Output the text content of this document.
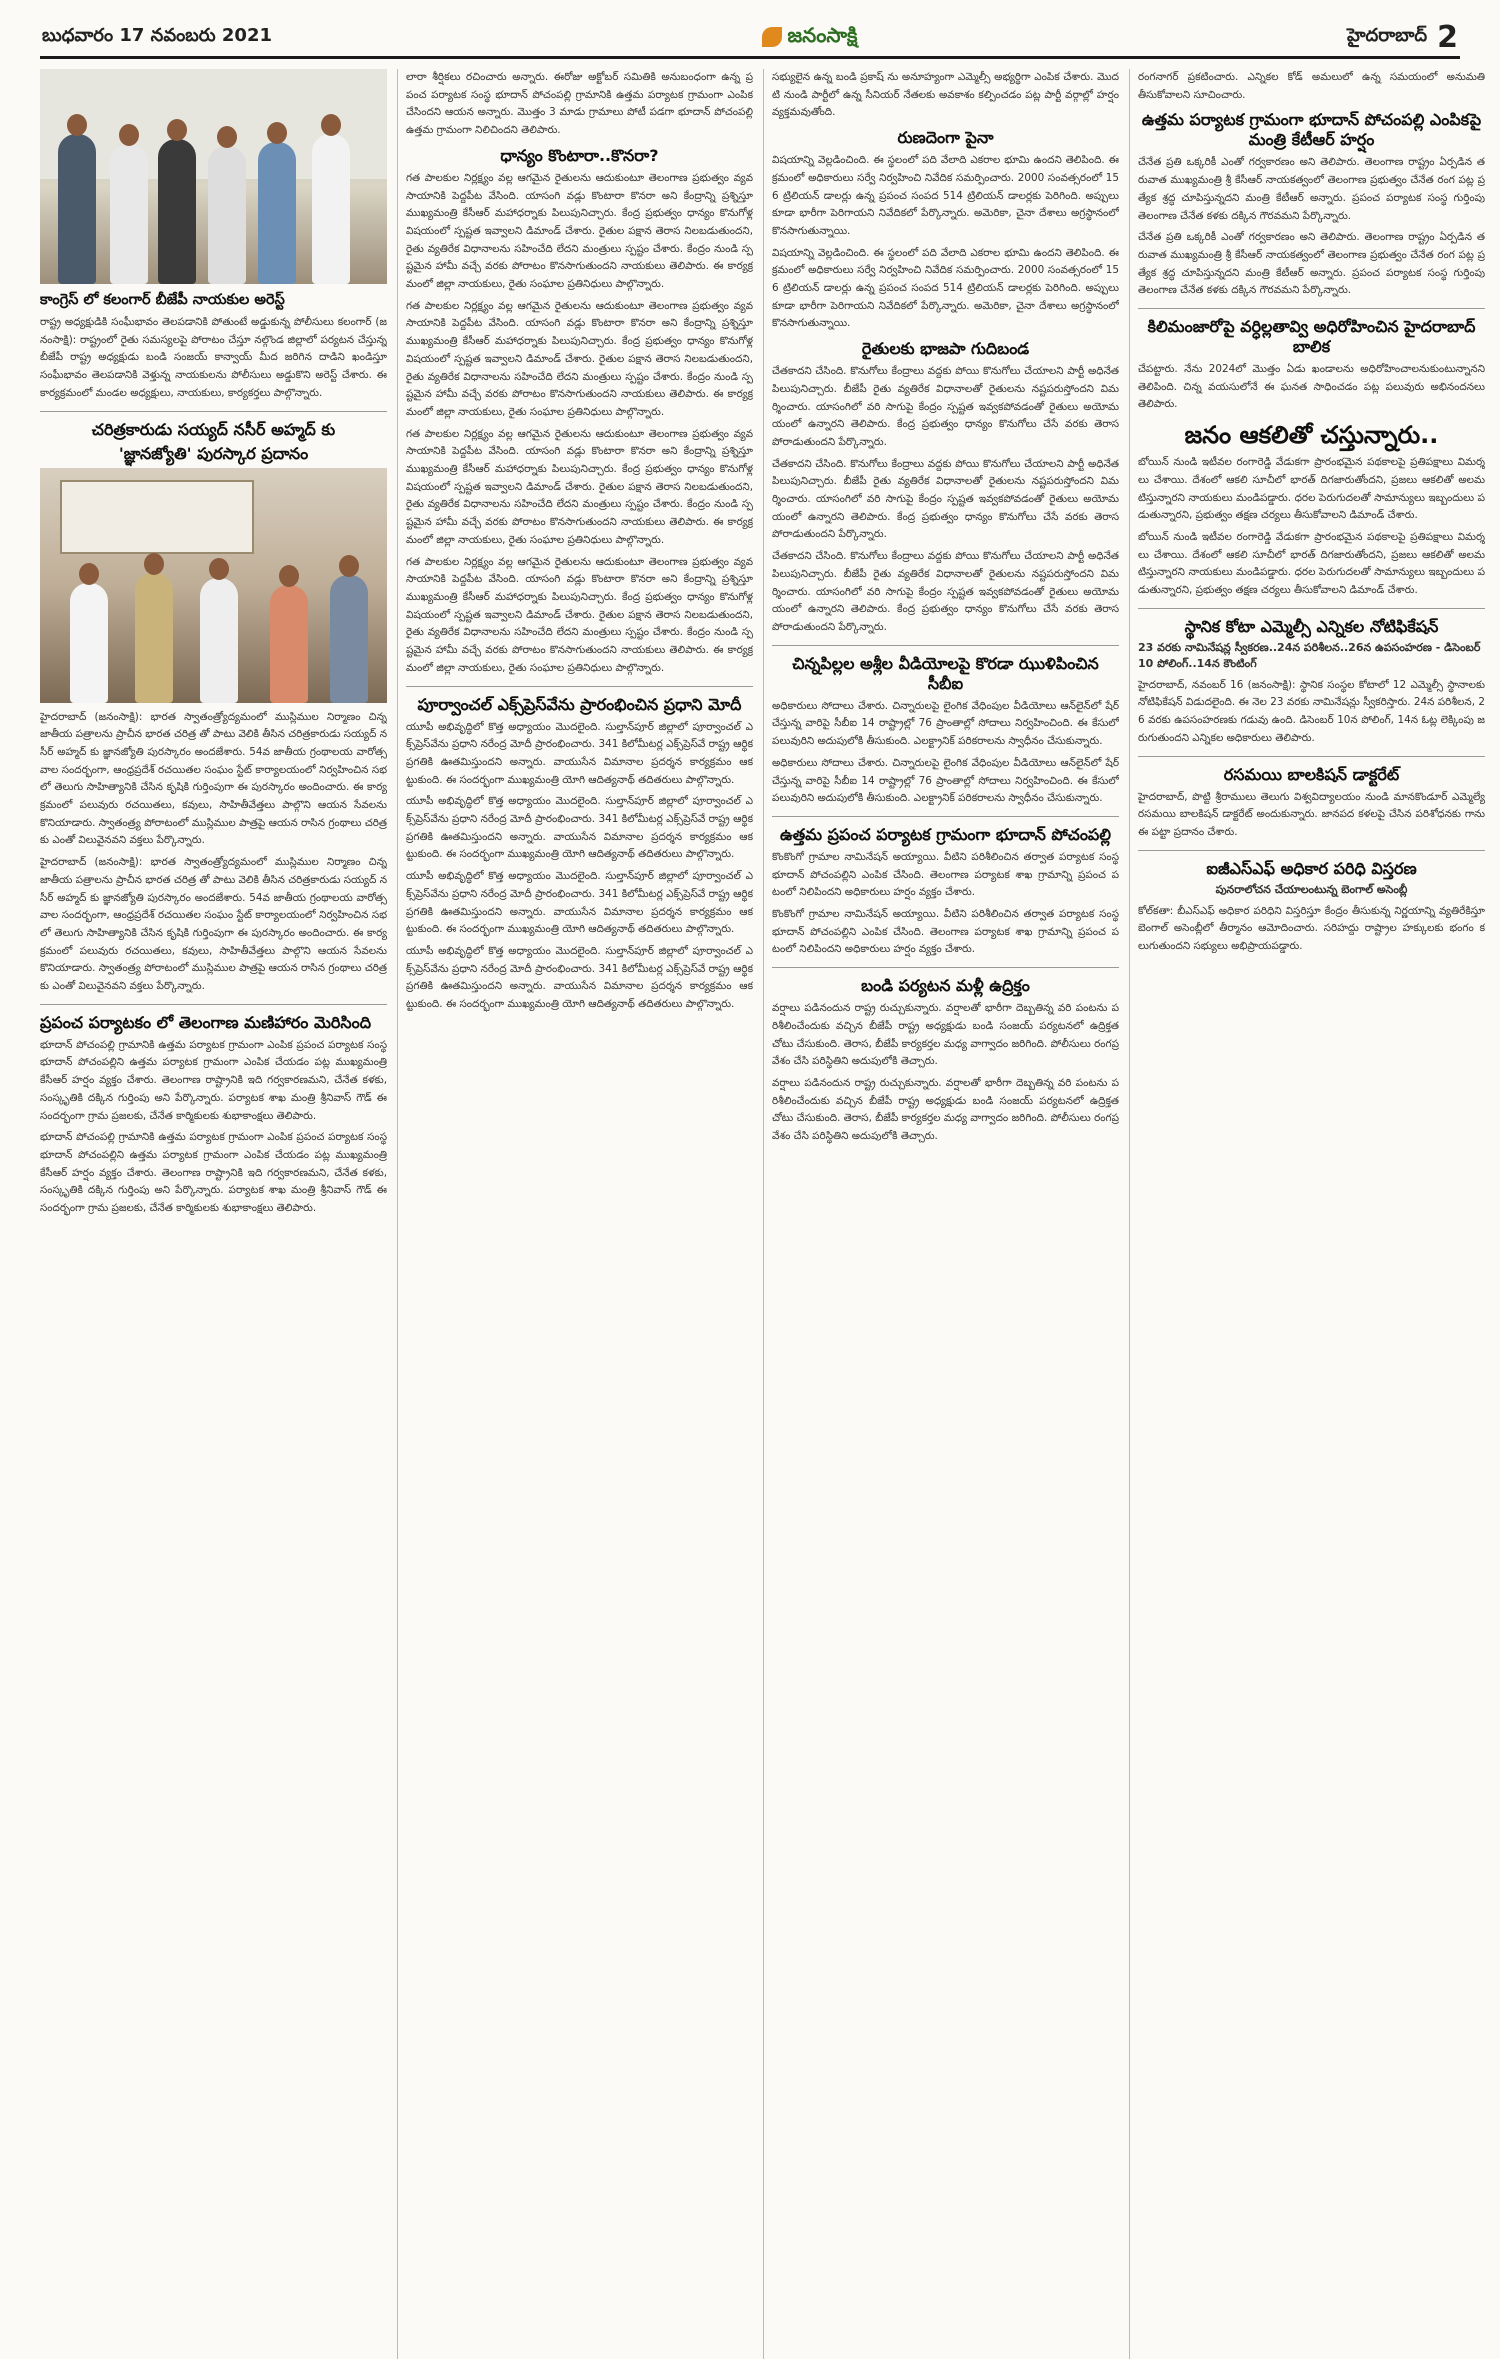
బుధవారం 17 నవంబరు 2021	జనంసాక్షి	హైదరాబాద్ 2
కాంగ్రెస్ లో కలంగార్ బీజేపీ నాయకుల అరెస్ట్
రాష్ట్ర అధ్యక్షుడికి సంఘీభావం తెలపడానికి పోతుంటే అడ్డుకున్న పోలీసులు కలంగార్ (జనంసాక్షి): రాష్ట్రంలో రైతు సమస్యలపై పోరాటం చేస్తూ నల్గొండ జిల్లాలో పర్యటన చేస్తున్న బీజేపీ రాష్ట్ర అధ్యక్షుడు బండి సంజయ్ కాన్వాయ్ మీద జరిగిన దాడిని ఖండిస్తూ సంఘీభావం తెలపడానికి వెళ్తున్న నాయకులను పోలీసులు అడ్డుకొని అరెస్ట్ చేశారు. ఈ కార్యక్రమంలో మండల అధ్యక్షులు, నాయకులు, కార్యకర్తలు పాల్గొన్నారు.
చరిత్రకారుడు సయ్యద్ నసీర్ అహ్మద్ కు
'జ్ఞానజ్యోతి' పురస్కార ప్రదానం
హైదరాబాద్ (జనంసాక్షి): భారత స్వాతంత్ర్యోద్యమంలో ముస్లిముల నిర్మాణం చిన్న జాతీయ పత్రాలను ప్రాచీన భారత చరిత్ర తో పాటు వెలికి తీసిన చరిత్రకారుడు సయ్యద్ నసీర్ అహ్మద్ కు జ్ఞానజ్యోతి పురస్కారం అందజేశారు. 54వ జాతీయ గ్రంథాలయ వారోత్సవాల సందర్భంగా, ఆంధ్రప్రదేశ్ రచయితల సంఘం స్టేట్ కార్యాలయంలో నిర్వహించిన సభలో తెలుగు సాహిత్యానికి చేసిన కృషికి గుర్తింపుగా ఈ పురస్కారం అందించారు. ఈ కార్యక్రమంలో పలువురు రచయితలు, కవులు, సాహితీవేత్తలు పాల్గొని ఆయన సేవలను కొనియాడారు. స్వాతంత్ర్య పోరాటంలో ముస్లిముల పాత్రపై ఆయన రాసిన గ్రంథాలు చరిత్రకు ఎంతో విలువైనవని వక్తలు పేర్కొన్నారు.
హైదరాబాద్ (జనంసాక్షి): భారత స్వాతంత్ర్యోద్యమంలో ముస్లిముల నిర్మాణం చిన్న జాతీయ పత్రాలను ప్రాచీన భారత చరిత్ర తో పాటు వెలికి తీసిన చరిత్రకారుడు సయ్యద్ నసీర్ అహ్మద్ కు జ్ఞానజ్యోతి పురస్కారం అందజేశారు. 54వ జాతీయ గ్రంథాలయ వారోత్సవాల సందర్భంగా, ఆంధ్రప్రదేశ్ రచయితల సంఘం స్టేట్ కార్యాలయంలో నిర్వహించిన సభలో తెలుగు సాహిత్యానికి చేసిన కృషికి గుర్తింపుగా ఈ పురస్కారం అందించారు. ఈ కార్యక్రమంలో పలువురు రచయితలు, కవులు, సాహితీవేత్తలు పాల్గొని ఆయన సేవలను కొనియాడారు. స్వాతంత్ర్య పోరాటంలో ముస్లిముల పాత్రపై ఆయన రాసిన గ్రంథాలు చరిత్రకు ఎంతో విలువైనవని వక్తలు పేర్కొన్నారు.
ప్రపంచ పర్యాటకం లో తెలంగాణ మణిహారం మెరిసింది
భూదాన్ పోచంపల్లి గ్రామానికి ఉత్తమ పర్యాటక గ్రామంగా ఎంపిక ప్రపంచ పర్యాటక సంస్థ భూదాన్ పోచంపల్లిని ఉత్తమ పర్యాటక గ్రామంగా ఎంపిక చేయడం పట్ల ముఖ్యమంత్రి కేసీఆర్ హర్షం వ్యక్తం చేశారు. తెలంగాణ రాష్ట్రానికి ఇది గర్వకారణమని, చేనేత కళకు, సంస్కృతికి దక్కిన గుర్తింపు అని పేర్కొన్నారు. పర్యాటక శాఖ మంత్రి శ్రీనివాస్ గౌడ్ ఈ సందర్భంగా గ్రామ ప్రజలకు, చేనేత కార్మికులకు శుభాకాంక్షలు తెలిపారు.
భూదాన్ పోచంపల్లి గ్రామానికి ఉత్తమ పర్యాటక గ్రామంగా ఎంపిక ప్రపంచ పర్యాటక సంస్థ భూదాన్ పోచంపల్లిని ఉత్తమ పర్యాటక గ్రామంగా ఎంపిక చేయడం పట్ల ముఖ్యమంత్రి కేసీఆర్ హర్షం వ్యక్తం చేశారు. తెలంగాణ రాష్ట్రానికి ఇది గర్వకారణమని, చేనేత కళకు, సంస్కృతికి దక్కిన గుర్తింపు అని పేర్కొన్నారు. పర్యాటక శాఖ మంత్రి శ్రీనివాస్ గౌడ్ ఈ సందర్భంగా గ్రామ ప్రజలకు, చేనేత కార్మికులకు శుభాకాంక్షలు తెలిపారు.
లారా శీర్షికలు రచించారు అన్నారు. ఈరోజు అక్టోబర్ సమితికి అనుబంధంగా ఉన్న ప్రపంచ పర్యాటక సంస్థ భూదాన్ పోచంపల్లి గ్రామానికి ఉత్తమ పర్యాటక గ్రామంగా ఎంపిక చేసిందని ఆయన అన్నారు. మొత్తం 3 మాడు గ్రామాలు పోటీ పడగా భూదాన్ పోచంపల్లి ఉత్తమ గ్రామంగా నిలిచిందని తెలిపారు.
ధాన్యం కొంటారా..కొనరా?
గత పాలకుల నిర్లక్ష్యం వల్ల ఆగమైన రైతులను ఆదుకుంటూ తెలంగాణ ప్రభుత్వం వ్యవసాయానికి పెద్దపీట వేసింది. యాసంగి వడ్లు కొంటారా కొనరా అని కేంద్రాన్ని ప్రశ్నిస్తూ ముఖ్యమంత్రి కేసీఆర్ మహాధర్నాకు పిలుపునిచ్చారు. కేంద్ర ప్రభుత్వం ధాన్యం కొనుగోళ్ల విషయంలో స్పష్టత ఇవ్వాలని డిమాండ్ చేశారు. రైతుల పక్షాన తెరాస నిలబడుతుందని, రైతు వ్యతిరేక విధానాలను సహించేది లేదని మంత్రులు స్పష్టం చేశారు. కేంద్రం నుండి స్పష్టమైన హామీ వచ్చే వరకు పోరాటం కొనసాగుతుందని నాయకులు తెలిపారు. ఈ కార్యక్రమంలో జిల్లా నాయకులు, రైతు సంఘాల ప్రతినిధులు పాల్గొన్నారు.
గత పాలకుల నిర్లక్ష్యం వల్ల ఆగమైన రైతులను ఆదుకుంటూ తెలంగాణ ప్రభుత్వం వ్యవసాయానికి పెద్దపీట వేసింది. యాసంగి వడ్లు కొంటారా కొనరా అని కేంద్రాన్ని ప్రశ్నిస్తూ ముఖ్యమంత్రి కేసీఆర్ మహాధర్నాకు పిలుపునిచ్చారు. కేంద్ర ప్రభుత్వం ధాన్యం కొనుగోళ్ల విషయంలో స్పష్టత ఇవ్వాలని డిమాండ్ చేశారు. రైతుల పక్షాన తెరాస నిలబడుతుందని, రైతు వ్యతిరేక విధానాలను సహించేది లేదని మంత్రులు స్పష్టం చేశారు. కేంద్రం నుండి స్పష్టమైన హామీ వచ్చే వరకు పోరాటం కొనసాగుతుందని నాయకులు తెలిపారు. ఈ కార్యక్రమంలో జిల్లా నాయకులు, రైతు సంఘాల ప్రతినిధులు పాల్గొన్నారు.
గత పాలకుల నిర్లక్ష్యం వల్ల ఆగమైన రైతులను ఆదుకుంటూ తెలంగాణ ప్రభుత్వం వ్యవసాయానికి పెద్దపీట వేసింది. యాసంగి వడ్లు కొంటారా కొనరా అని కేంద్రాన్ని ప్రశ్నిస్తూ ముఖ్యమంత్రి కేసీఆర్ మహాధర్నాకు పిలుపునిచ్చారు. కేంద్ర ప్రభుత్వం ధాన్యం కొనుగోళ్ల విషయంలో స్పష్టత ఇవ్వాలని డిమాండ్ చేశారు. రైతుల పక్షాన తెరాస నిలబడుతుందని, రైతు వ్యతిరేక విధానాలను సహించేది లేదని మంత్రులు స్పష్టం చేశారు. కేంద్రం నుండి స్పష్టమైన హామీ వచ్చే వరకు పోరాటం కొనసాగుతుందని నాయకులు తెలిపారు. ఈ కార్యక్రమంలో జిల్లా నాయకులు, రైతు సంఘాల ప్రతినిధులు పాల్గొన్నారు.
గత పాలకుల నిర్లక్ష్యం వల్ల ఆగమైన రైతులను ఆదుకుంటూ తెలంగాణ ప్రభుత్వం వ్యవసాయానికి పెద్దపీట వేసింది. యాసంగి వడ్లు కొంటారా కొనరా అని కేంద్రాన్ని ప్రశ్నిస్తూ ముఖ్యమంత్రి కేసీఆర్ మహాధర్నాకు పిలుపునిచ్చారు. కేంద్ర ప్రభుత్వం ధాన్యం కొనుగోళ్ల విషయంలో స్పష్టత ఇవ్వాలని డిమాండ్ చేశారు. రైతుల పక్షాన తెరాస నిలబడుతుందని, రైతు వ్యతిరేక విధానాలను సహించేది లేదని మంత్రులు స్పష్టం చేశారు. కేంద్రం నుండి స్పష్టమైన హామీ వచ్చే వరకు పోరాటం కొనసాగుతుందని నాయకులు తెలిపారు. ఈ కార్యక్రమంలో జిల్లా నాయకులు, రైతు సంఘాల ప్రతినిధులు పాల్గొన్నారు.
పూర్వాంచల్ ఎక్స్‌ప్రెస్‌వేను ప్రారంభించిన ప్రధాని మోదీ
యూపీ అభివృద్ధిలో కొత్త అధ్యాయం మొదలైంది. సుల్తాన్‌పూర్ జిల్లాలో పూర్వాంచల్ ఎక్స్‌ప్రెస్‌వేను ప్రధాని నరేంద్ర మోదీ ప్రారంభించారు. 341 కిలోమీటర్ల ఎక్స్‌ప్రెస్‌వే రాష్ట్ర ఆర్థిక ప్రగతికి ఊతమిస్తుందని అన్నారు. వాయుసేన విమానాల ప్రదర్శన కార్యక్రమం ఆకట్టుకుంది. ఈ సందర్భంగా ముఖ్యమంత్రి యోగి ఆదిత్యనాథ్ తదితరులు పాల్గొన్నారు.
యూపీ అభివృద్ధిలో కొత్త అధ్యాయం మొదలైంది. సుల్తాన్‌పూర్ జిల్లాలో పూర్వాంచల్ ఎక్స్‌ప్రెస్‌వేను ప్రధాని నరేంద్ర మోదీ ప్రారంభించారు. 341 కిలోమీటర్ల ఎక్స్‌ప్రెస్‌వే రాష్ట్ర ఆర్థిక ప్రగతికి ఊతమిస్తుందని అన్నారు. వాయుసేన విమానాల ప్రదర్శన కార్యక్రమం ఆకట్టుకుంది. ఈ సందర్భంగా ముఖ్యమంత్రి యోగి ఆదిత్యనాథ్ తదితరులు పాల్గొన్నారు.
యూపీ అభివృద్ధిలో కొత్త అధ్యాయం మొదలైంది. సుల్తాన్‌పూర్ జిల్లాలో పూర్వాంచల్ ఎక్స్‌ప్రెస్‌వేను ప్రధాని నరేంద్ర మోదీ ప్రారంభించారు. 341 కిలోమీటర్ల ఎక్స్‌ప్రెస్‌వే రాష్ట్ర ఆర్థిక ప్రగతికి ఊతమిస్తుందని అన్నారు. వాయుసేన విమానాల ప్రదర్శన కార్యక్రమం ఆకట్టుకుంది. ఈ సందర్భంగా ముఖ్యమంత్రి యోగి ఆదిత్యనాథ్ తదితరులు పాల్గొన్నారు.
యూపీ అభివృద్ధిలో కొత్త అధ్యాయం మొదలైంది. సుల్తాన్‌పూర్ జిల్లాలో పూర్వాంచల్ ఎక్స్‌ప్రెస్‌వేను ప్రధాని నరేంద్ర మోదీ ప్రారంభించారు. 341 కిలోమీటర్ల ఎక్స్‌ప్రెస్‌వే రాష్ట్ర ఆర్థిక ప్రగతికి ఊతమిస్తుందని అన్నారు. వాయుసేన విమానాల ప్రదర్శన కార్యక్రమం ఆకట్టుకుంది. ఈ సందర్భంగా ముఖ్యమంత్రి యోగి ఆదిత్యనాథ్ తదితరులు పాల్గొన్నారు.
సభ్యులైన ఉన్న బండి ప్రకాష్ ను అనూహ్యంగా ఎమ్మెల్సీ అభ్యర్థిగా ఎంపిక చేశారు. మొదటి నుండి పార్టీలో ఉన్న సీనియర్ నేతలకు అవకాశం కల్పించడం పట్ల పార్టీ వర్గాల్లో హర్షం వ్యక్తమవుతోంది.
రుణదెంగా పైనా
విషయాన్ని వెల్లడించింది. ఈ స్థలంలో పది వేలాది ఎకరాల భూమి ఉందని తెలిపింది. ఈ క్రమంలో అధికారులు సర్వే నిర్వహించి నివేదిక సమర్పించారు. 2000 సంవత్సరంలో 156 ట్రిలియన్ డాలర్లు ఉన్న ప్రపంచ సంపద 514 ట్రిలియన్ డాలర్లకు పెరిగింది. అప్పులు కూడా భారీగా పెరిగాయని నివేదికలో పేర్కొన్నారు. అమెరికా, చైనా దేశాలు అగ్రస్థానంలో కొనసాగుతున్నాయి.
విషయాన్ని వెల్లడించింది. ఈ స్థలంలో పది వేలాది ఎకరాల భూమి ఉందని తెలిపింది. ఈ క్రమంలో అధికారులు సర్వే నిర్వహించి నివేదిక సమర్పించారు. 2000 సంవత్సరంలో 156 ట్రిలియన్ డాలర్లు ఉన్న ప్రపంచ సంపద 514 ట్రిలియన్ డాలర్లకు పెరిగింది. అప్పులు కూడా భారీగా పెరిగాయని నివేదికలో పేర్కొన్నారు. అమెరికా, చైనా దేశాలు అగ్రస్థానంలో కొనసాగుతున్నాయి.
రైతులకు భాజపా గుదిబండ
చేతకాదని చేసింది. కొనుగోలు కేంద్రాలు వద్దకు పోయి కొనుగోలు చేయాలని పార్టీ అధినేత పిలుపునిచ్చారు. బీజేపీ రైతు వ్యతిరేక విధానాలతో రైతులను నష్టపరుస్తోందని విమర్శించారు. యాసంగిలో వరి సాగుపై కేంద్రం స్పష్టత ఇవ్వకపోవడంతో రైతులు అయోమయంలో ఉన్నారని తెలిపారు. కేంద్ర ప్రభుత్వం ధాన్యం కొనుగోలు చేసే వరకు తెరాస పోరాడుతుందని పేర్కొన్నారు.
చేతకాదని చేసింది. కొనుగోలు కేంద్రాలు వద్దకు పోయి కొనుగోలు చేయాలని పార్టీ అధినేత పిలుపునిచ్చారు. బీజేపీ రైతు వ్యతిరేక విధానాలతో రైతులను నష్టపరుస్తోందని విమర్శించారు. యాసంగిలో వరి సాగుపై కేంద్రం స్పష్టత ఇవ్వకపోవడంతో రైతులు అయోమయంలో ఉన్నారని తెలిపారు. కేంద్ర ప్రభుత్వం ధాన్యం కొనుగోలు చేసే వరకు తెరాస పోరాడుతుందని పేర్కొన్నారు.
చేతకాదని చేసింది. కొనుగోలు కేంద్రాలు వద్దకు పోయి కొనుగోలు చేయాలని పార్టీ అధినేత పిలుపునిచ్చారు. బీజేపీ రైతు వ్యతిరేక విధానాలతో రైతులను నష్టపరుస్తోందని విమర్శించారు. యాసంగిలో వరి సాగుపై కేంద్రం స్పష్టత ఇవ్వకపోవడంతో రైతులు అయోమయంలో ఉన్నారని తెలిపారు. కేంద్ర ప్రభుత్వం ధాన్యం కొనుగోలు చేసే వరకు తెరాస పోరాడుతుందని పేర్కొన్నారు.
చిన్నపిల్లల అశ్లీల వీడియోలపై కొరడా ఝుళిపించిన సీబీఐ
అధికారులు సోదాలు చేశారు. చిన్నారులపై లైంగిక వేధింపుల వీడియోలు ఆన్‌లైన్‌లో షేర్ చేస్తున్న వారిపై సీబీఐ 14 రాష్ట్రాల్లో 76 ప్రాంతాల్లో సోదాలు నిర్వహించింది. ఈ కేసులో పలువురిని అదుపులోకి తీసుకుంది. ఎలక్ట్రానిక్ పరికరాలను స్వాధీనం చేసుకున్నారు.
అధికారులు సోదాలు చేశారు. చిన్నారులపై లైంగిక వేధింపుల వీడియోలు ఆన్‌లైన్‌లో షేర్ చేస్తున్న వారిపై సీబీఐ 14 రాష్ట్రాల్లో 76 ప్రాంతాల్లో సోదాలు నిర్వహించింది. ఈ కేసులో పలువురిని అదుపులోకి తీసుకుంది. ఎలక్ట్రానిక్ పరికరాలను స్వాధీనం చేసుకున్నారు.
ఉత్తమ ప్రపంచ పర్యాటక గ్రామంగా భూదాన్ పోచంపల్లి
కొంకొంగో గ్రామాల నామినేషన్ అయ్యాయి. వీటిని పరిశీలించిన తర్వాత పర్యాటక సంస్థ భూదాన్ పోచంపల్లిని ఎంపిక చేసింది. తెలంగాణ పర్యాటక శాఖ గ్రామాన్ని ప్రపంచ పటంలో నిలిపిందని అధికారులు హర్షం వ్యక్తం చేశారు.
కొంకొంగో గ్రామాల నామినేషన్ అయ్యాయి. వీటిని పరిశీలించిన తర్వాత పర్యాటక సంస్థ భూదాన్ పోచంపల్లిని ఎంపిక చేసింది. తెలంగాణ పర్యాటక శాఖ గ్రామాన్ని ప్రపంచ పటంలో నిలిపిందని అధికారులు హర్షం వ్యక్తం చేశారు.
బండి పర్యటన మళ్లీ ఉద్రిక్తం
వర్షాలు పడినందున రాష్ట్ర రుచ్చుకున్నారు. వర్షాలతో భారీగా దెబ్బతిన్న వరి పంటను పరిశీలించేందుకు వచ్చిన బీజేపీ రాష్ట్ర అధ్యక్షుడు బండి సంజయ్ పర్యటనలో ఉద్రిక్తత చోటు చేసుకుంది. తెరాస, బీజేపీ కార్యకర్తల మధ్య వాగ్వాదం జరిగింది. పోలీసులు రంగప్రవేశం చేసి పరిస్థితిని అదుపులోకి తెచ్చారు.
వర్షాలు పడినందున రాష్ట్ర రుచ్చుకున్నారు. వర్షాలతో భారీగా దెబ్బతిన్న వరి పంటను పరిశీలించేందుకు వచ్చిన బీజేపీ రాష్ట్ర అధ్యక్షుడు బండి సంజయ్ పర్యటనలో ఉద్రిక్తత చోటు చేసుకుంది. తెరాస, బీజేపీ కార్యకర్తల మధ్య వాగ్వాదం జరిగింది. పోలీసులు రంగప్రవేశం చేసి పరిస్థితిని అదుపులోకి తెచ్చారు.
రంగనాగర్ ప్రకటించారు. ఎన్నికల కోడ్ అమలులో ఉన్న సమయంలో అనుమతి తీసుకోవాలని సూచించారు.
ఉత్తమ పర్యాటక గ్రామంగా భూదాన్ పోచంపల్లి ఎంపికపై మంత్రి కేటీఆర్ హర్షం
చేనేత ప్రతి ఒక్కరికీ ఎంతో గర్వకారణం అని తెలిపారు. తెలంగాణ రాష్ట్రం ఏర్పడిన తరువాత ముఖ్యమంత్రి శ్రీ కేసీఆర్ నాయకత్వంలో తెలంగాణ ప్రభుత్వం చేనేత రంగ పట్ల ప్రత్యేక శ్రద్ధ చూపిస్తున్నదని మంత్రి కేటీఆర్ అన్నారు. ప్రపంచ పర్యాటక సంస్థ గుర్తింపు తెలంగాణ చేనేత కళకు దక్కిన గౌరవమని పేర్కొన్నారు.
చేనేత ప్రతి ఒక్కరికీ ఎంతో గర్వకారణం అని తెలిపారు. తెలంగాణ రాష్ట్రం ఏర్పడిన తరువాత ముఖ్యమంత్రి శ్రీ కేసీఆర్ నాయకత్వంలో తెలంగాణ ప్రభుత్వం చేనేత రంగ పట్ల ప్రత్యేక శ్రద్ధ చూపిస్తున్నదని మంత్రి కేటీఆర్ అన్నారు. ప్రపంచ పర్యాటక సంస్థ గుర్తింపు తెలంగాణ చేనేత కళకు దక్కిన గౌరవమని పేర్కొన్నారు.
కిలిమంజారోపై వర్ధిల్లతావ్వి అధిరోహించిన హైదరాబాద్ బాలిక
చేపట్టారు. నేను 2024లో మొత్తం ఏడు ఖండాలను అధిరోహించాలనుకుంటున్నానని తెలిపింది. చిన్న వయసులోనే ఈ ఘనత సాధించడం పట్ల పలువురు అభినందనలు తెలిపారు.
జనం ఆకలితో చస్తున్నారు..
బోయిన్ నుండి ఇటీవల రంగారెడ్డి వేడుకగా ప్రారంభమైన పథకాలపై ప్రతిపక్షాలు విమర్శలు చేశాయి. దేశంలో ఆకలి సూచీలో భారత్ దిగజారుతోందని, ప్రజలు ఆకలితో అలమటిస్తున్నారని నాయకులు మండిపడ్డారు. ధరల పెరుగుదలతో సామాన్యులు ఇబ్బందులు పడుతున్నారని, ప్రభుత్వం తక్షణ చర్యలు తీసుకోవాలని డిమాండ్ చేశారు.
బోయిన్ నుండి ఇటీవల రంగారెడ్డి వేడుకగా ప్రారంభమైన పథకాలపై ప్రతిపక్షాలు విమర్శలు చేశాయి. దేశంలో ఆకలి సూచీలో భారత్ దిగజారుతోందని, ప్రజలు ఆకలితో అలమటిస్తున్నారని నాయకులు మండిపడ్డారు. ధరల పెరుగుదలతో సామాన్యులు ఇబ్బందులు పడుతున్నారని, ప్రభుత్వం తక్షణ చర్యలు తీసుకోవాలని డిమాండ్ చేశారు.
స్థానిక కోటా ఎమ్మెల్సీ ఎన్నికల నోటిఫికేషన్
23 వరకు నామినేషన్ల స్వీకరణ..24న పరిశీలన..26న ఉపసంహరణ - డిసెంబర్ 10 పోలింగ్..14న కౌంటింగ్
హైదరాబాద్, నవంబర్ 16 (జనంసాక్షి): స్థానిక సంస్థల కోటాలో 12 ఎమ్మెల్సీ స్థానాలకు నోటిఫికేషన్ విడుదలైంది. ఈ నెల 23 వరకు నామినేషన్లు స్వీకరిస్తారు. 24న పరిశీలన, 26 వరకు ఉపసంహరణకు గడువు ఉంది. డిసెంబర్ 10న పోలింగ్, 14న ఓట్ల లెక్కింపు జరుగుతుందని ఎన్నికల అధికారులు తెలిపారు.
రసమయి బాలకిషన్ డాక్టరేట్
హైదరాబాద్, పొట్టి శ్రీరాములు తెలుగు విశ్వవిద్యాలయం నుండి మానకొండూర్ ఎమ్మెల్యే రసమయి బాలకిషన్ డాక్టరేట్ అందుకున్నారు. జానపద కళలపై చేసిన పరిశోధనకు గాను ఈ పట్టా ప్రదానం చేశారు.
ఐజీఎస్‌ఎఫ్ అధికార పరిధి విస్తరణ
పునరాలోచన చేయాలంటున్న బెంగాల్ అసెంబ్లీ
కోల్‌కతా: బీఎస్‌ఎఫ్ అధికార పరిధిని విస్తరిస్తూ కేంద్రం తీసుకున్న నిర్ణయాన్ని వ్యతిరేకిస్తూ బెంగాల్ అసెంబ్లీలో తీర్మానం ఆమోదించారు. సరిహద్దు రాష్ట్రాల హక్కులకు భంగం కలుగుతుందని సభ్యులు అభిప్రాయపడ్డారు.
